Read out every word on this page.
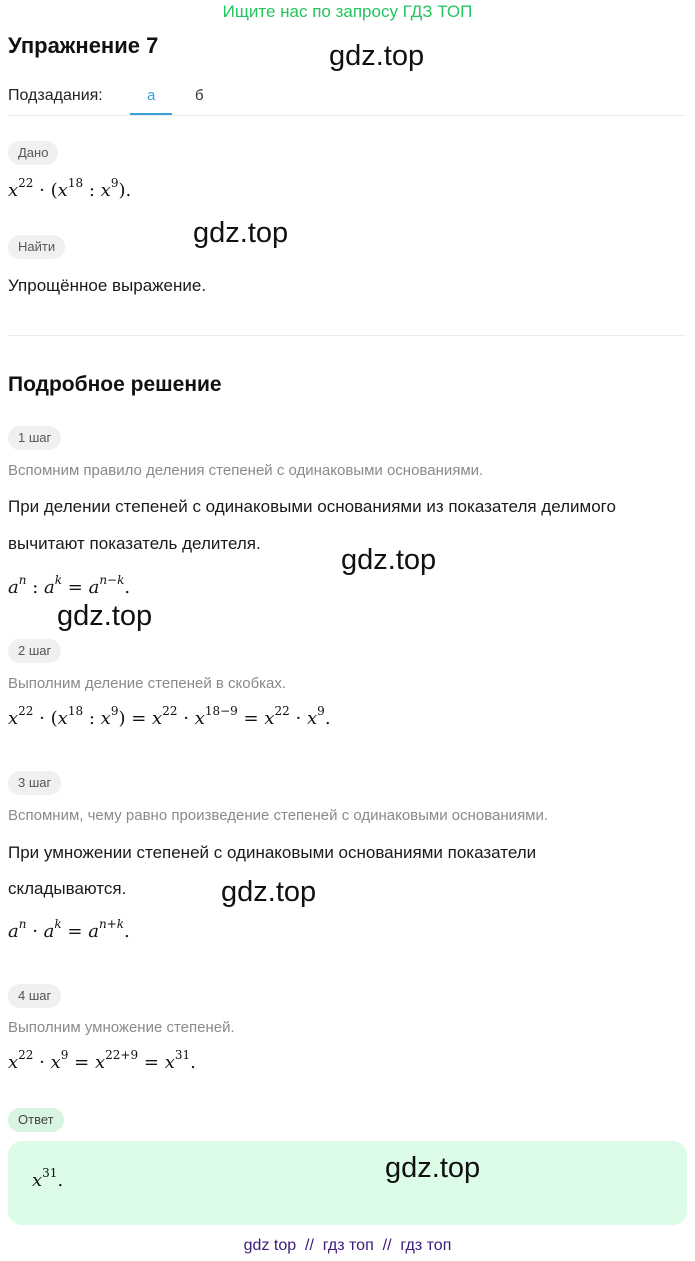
Ищите нас по запросу ГДЗ ТОП
Упражнение 7
Подзадания:	а	б
Дано
$x^{22} \cdot (x^{18}$ : $x^9$).
Найти
Упрощённое выражение.
Подробное решение
1 шаг
Вспомним правило деления степеней с одинаковыми основаниями.
При делении степеней с одинаковыми основаниями из показателя делимого
вычитают показатель делителя.
$a^n$ : $a^k = a^{n-k}$.
2 шаг
Выполним деление степеней в скобках.
$x^{22} \cdot (x^{18}$ : $x^9) = x^{22} \cdot x^{18-9} = x^{22} \cdot x^9$.
3 шаг
Вспомним, чему равно произведение степеней с одинаковыми основаниями.
При умножении степеней с одинаковыми основаниями показатели
складываются.
$a^n \cdot a^k = a^{n+k}$.
4 шаг
Выполним умножение степеней.
$x^{22} \cdot x^9 = x^{22+9} = x^{31}$.
Ответ
$x^{31}$.
gdz.top
gdz.top
gdz.top
gdz.top
gdz.top
gdz.top
gdz top  //  гдз топ  //  гдз топ
